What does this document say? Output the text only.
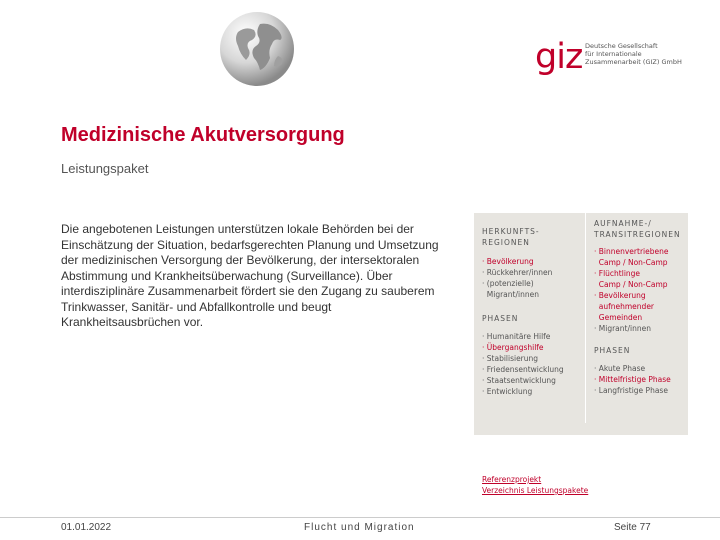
giz Deutsche Gesellschaft
für Internationale
Zusammenarbeit (GIZ) GmbH
Medizinische Akutversorgung
Leistungspaket
Die angebotenen Leistungen unterstützen lokale Behörden bei der Einschätzung der Situation, bedarfsgerechten Planung und Umsetzung der medizinischen Versorgung der Bevölkerung, der intersektoralen Abstimmung und Krankheitsüberwachung (Surveillance). Über interdisziplinäre Zusammenarbeit fördert sie den Zugang zu sauberem Trinkwasser, Sanitär- und Abfallkontrolle und beugt Krankheitsausbrüchen vor.
HERKUNFTS-
REGIONEN
· Bevölkerung
· Rückkehrer/innen
· (potenzielle)
Migrant/innen
PHASEN
· Humanitäre Hilfe
· Übergangshilfe
· Stabilisierung
· Friedensentwicklung
· Staatsentwicklung
· Entwicklung
AUFNAHME-/
TRANSITREGIONEN
· Binnenvertriebene
Camp / Non-Camp
· Flüchtlinge
Camp / Non-Camp
· Bevölkerung
aufnehmender
Gemeinden
· Migrant/innen
PHASEN
· Akute Phase
· Mittelfristige Phase
· Langfristige Phase
Referenzprojekt
Verzeichnis Leistungspakete
01.01.2022	Flucht und Migration	Seite 77
